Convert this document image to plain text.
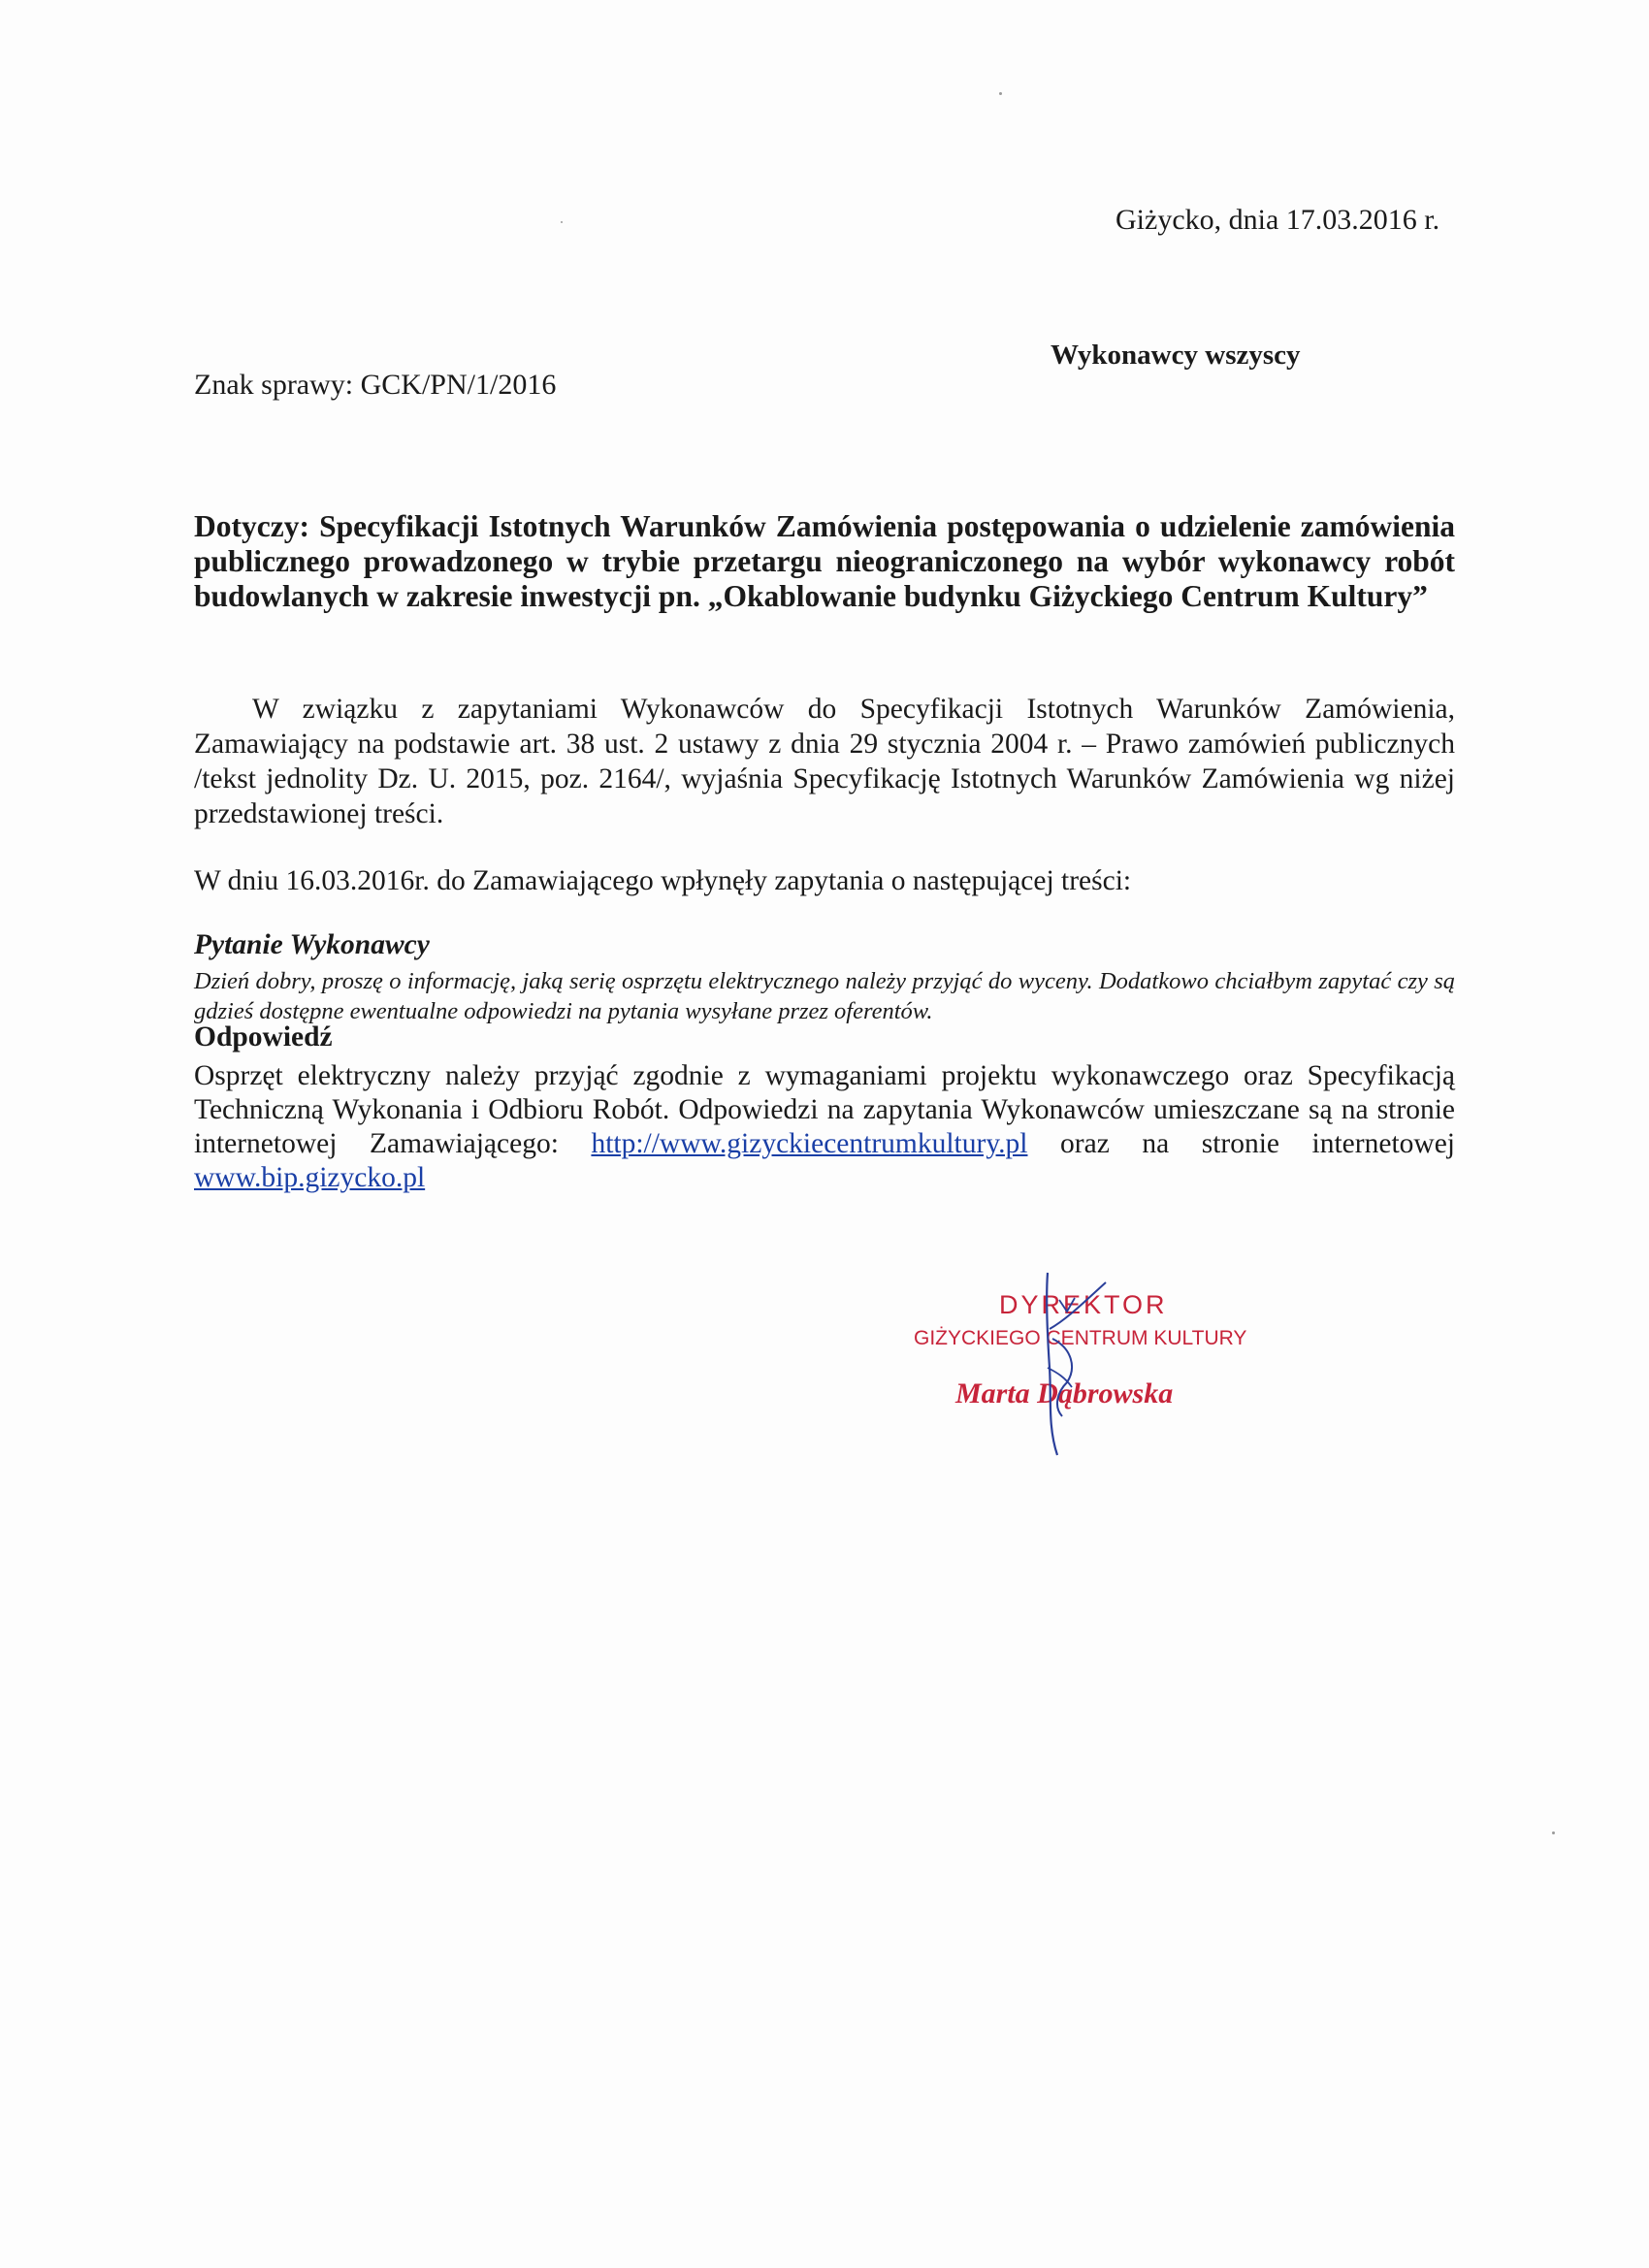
Giżycko, dnia 17.03.2016 r.
Wykonawcy wszyscy
Znak sprawy: GCK/PN/1/2016
Dotyczy: Specyfikacji Istotnych Warunków Zamówienia postępowania o udzielenie zamówienia publicznego prowadzonego w trybie przetargu nieograniczonego na wybór wykonawcy robót budowlanych w zakresie inwestycji pn. „Okablowanie budynku Giżyckiego Centrum Kultury”
W związku z zapytaniami Wykonawców do Specyfikacji Istotnych Warunków Zamówienia, Zamawiający na podstawie art. 38 ust. 2 ustawy z dnia 29 stycznia 2004 r. – Prawo zamówień publicznych /tekst jednolity Dz. U. 2015, poz. 2164/, wyjaśnia Specyfikację Istotnych Warunków Zamówienia wg niżej przedstawionej treści.
W dniu 16.03.2016r. do Zamawiającego wpłynęły zapytania o następującej treści:
Pytanie Wykonawcy
Dzień dobry, proszę o informację, jaką serię osprzętu elektrycznego należy przyjąć do wyceny. Dodatkowo chciałbym zapytać czy są gdzieś dostępne ewentualne odpowiedzi na pytania wysyłane przez oferentów.
Odpowiedź
Osprzęt elektryczny należy przyjąć zgodnie z wymaganiami projektu wykonawczego oraz Specyfikacją Techniczną Wykonania i Odbioru Robót. Odpowiedzi na zapytania Wykonawców umieszczane są na stronie internetowej Zamawiającego: http://www.gizyckiecentrumkultury.pl oraz na stronie internetowej www.bip.gizycko.pl
DYREKTOR
GIŻYCKIEGO CENTRUM KULTURY
Marta Dąbrowska
